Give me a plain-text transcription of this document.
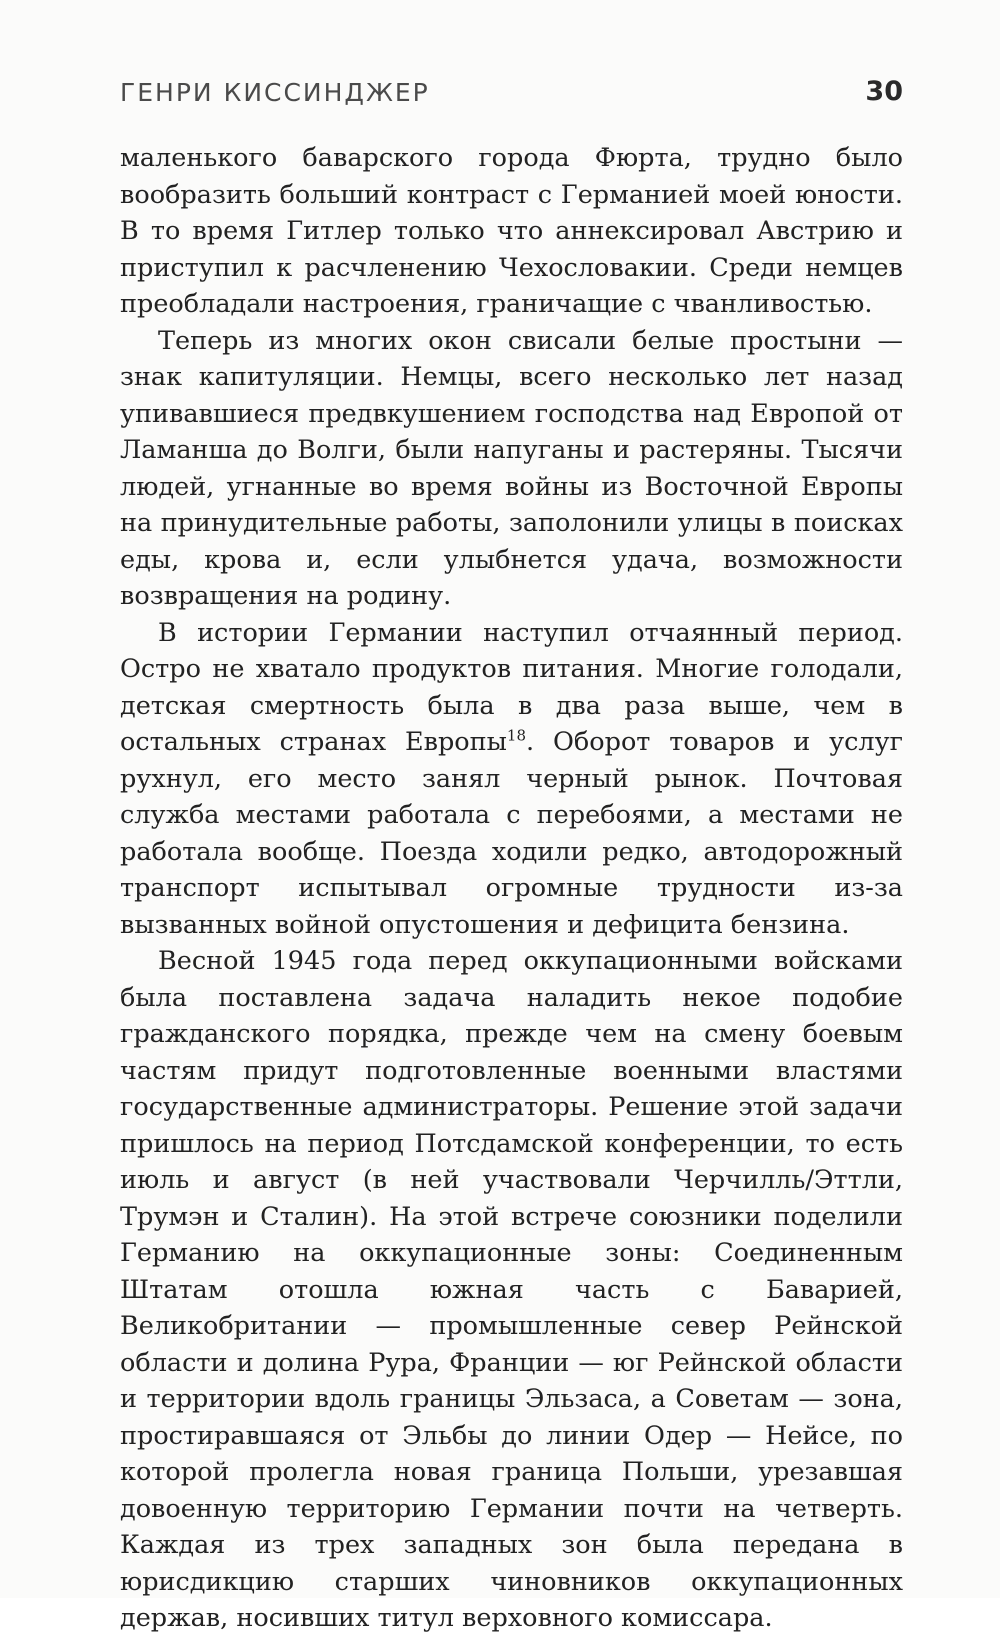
ГЕНРИ КИССИНДЖЕР	30

маленького баварского города Фюрта, трудно было вообразить больший контраст с Германией моей юности. В то время Гитлер только что аннексировал Австрию и приступил к расчленению Чехословакии. Среди немцев преобладали настроения, граничащие с чванливостью.

Теперь из многих окон свисали белые простыни — знак капитуляции. Немцы, всего несколько лет назад упивавшиеся предвкушением господства над Европой от Ламанша до Волги, были напуганы и растеряны. Тысячи людей, угнанные во время войны из Восточной Европы на принудительные работы, заполонили улицы в поисках еды, крова и, если улыбнется удача, возможности возвращения на родину.

В истории Германии наступил отчаянный период. Остро не хватало продуктов питания. Многие голодали, детская смертность была в два раза выше, чем в остальных странах Европы$^{18}$. Оборот товаров и услуг рухнул, его место занял черный рынок. Почтовая служба местами работала с перебоями, а местами не работала вообще. Поезда ходили редко, автодорожный транспорт испытывал огромные трудности из-за вызванных войной опустошения и дефицита бензина.

Весной 1945 года перед оккупационными войсками была поставлена задача наладить некое подобие гражданского порядка, прежде чем на смену боевым частям придут подготовленные военными властями государственные администраторы. Решение этой задачи пришлось на период Потсдамской конференции, то есть июль и август (в ней участвовали Черчилль/Эттли, Трумэн и Сталин). На этой встрече союзники поделили Германию на оккупационные зоны: Соединенным Штатам отошла южная часть с Баварией, Великобритании — промышленные север Рейнской области и долина Рура, Франции — юг Рейнской области и территории вдоль границы Эльзаса, а Советам — зона, простиравшаяся от Эльбы до линии Одер — Нейсе, по которой пролегла новая граница Польши, урезавшая довоенную территорию Германии почти на четверть. Каждая из трех западных зон была передана в юрисдикцию старших чиновников оккупационных держав, носивших титул верховного комиссара.
